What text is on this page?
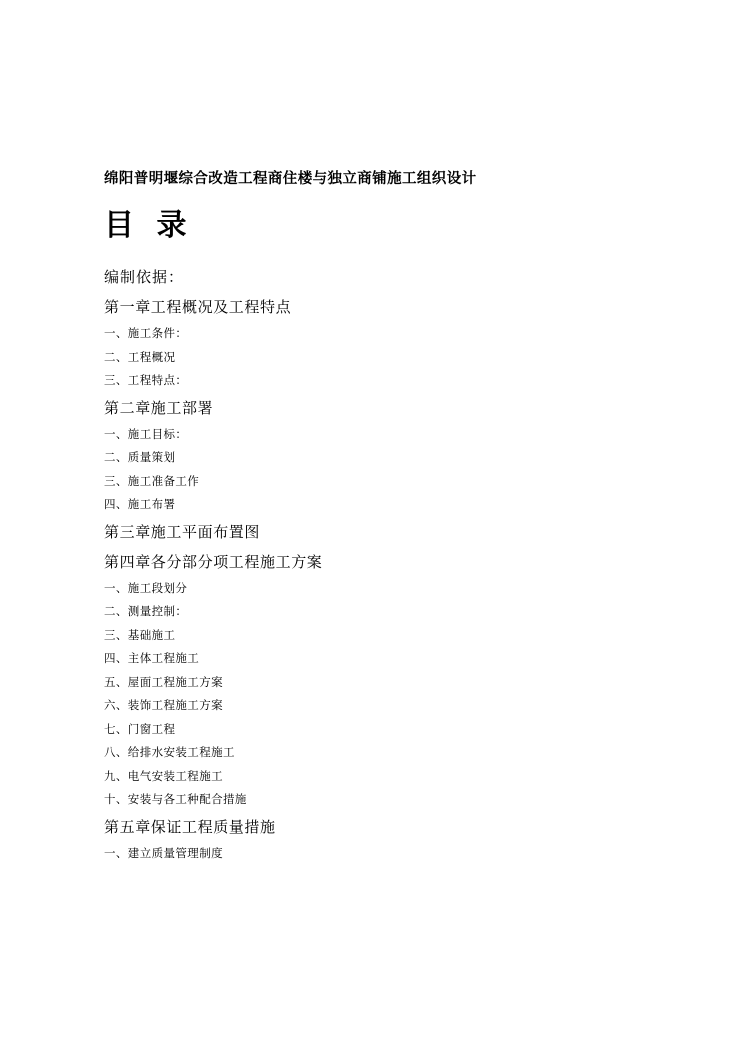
绵阳普明堰综合改造工程商住楼与独立商铺施工组织设计
目 录
编制依据：
第一章工程概况及工程特点
一、施工条件：
二、工程概况
三、工程特点：
第二章施工部署
一、施工目标：
二、质量策划
三、施工准备工作
四、施工布署
第三章施工平面布置图
第四章各分部分项工程施工方案
一、施工段划分
二、测量控制：
三、基础施工
四、主体工程施工
五、屋面工程施工方案
六、装饰工程施工方案
七、门窗工程
八、给排水安装工程施工
九、电气安装工程施工
十、安装与各工种配合措施
第五章保证工程质量措施
一、建立质量管理制度
